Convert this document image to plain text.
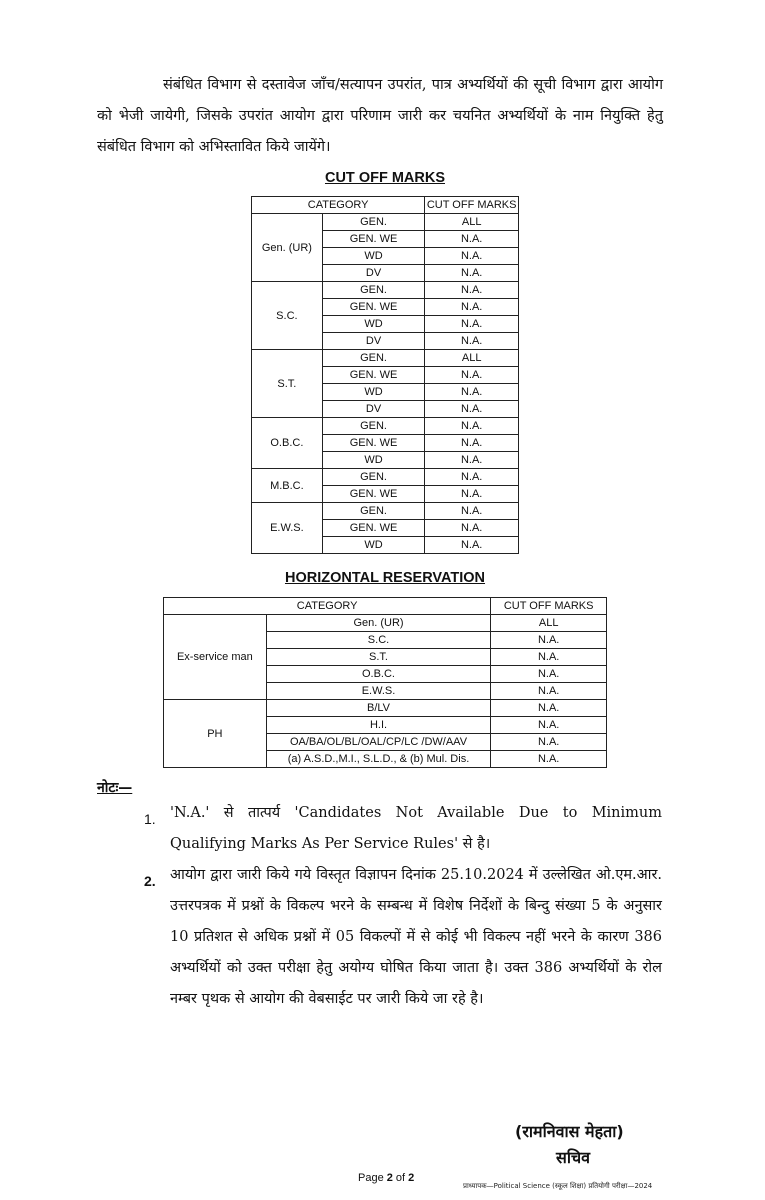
संबंधित विभाग से दस्तावेज जाँच/सत्यापन उपरांत, पात्र अभ्यर्थियों की सूची विभाग द्वारा आयोग को भेजी जायेगी, जिसके उपरांत आयोग द्वारा परिणाम जारी कर चयनित अभ्यर्थियों के नाम नियुक्ति हेतु संबंधित विभाग को अभिस्तावित किये जायेंगे।

CUT OFF MARKS
CATEGORY		CUT OFF MARKS
Gen. (UR)	GEN.	ALL
	GEN. WE	N.A.
	WD	N.A.
	DV	N.A.
S.C.	GEN.	N.A.
	GEN. WE	N.A.
	WD	N.A.
	DV	N.A.
S.T.	GEN.	ALL
	GEN. WE	N.A.
	WD	N.A.
	DV	N.A.
O.B.C.	GEN.	N.A.
	GEN. WE	N.A.
	WD	N.A.
M.B.C.	GEN.	N.A.
	GEN. WE	N.A.
E.W.S.	GEN.	N.A.
	GEN. WE	N.A.
	WD	N.A.
HORIZONTAL RESERVATION
CATEGORY		CUT OFF MARKS
Ex-service man	Gen. (UR)	ALL
	S.C.	N.A.
	S.T.	N.A.
	O.B.C.	N.A.
	E.W.S.	N.A.
PH	B/LV	N.A.
	H.I.	N.A.
	OA/BA/OL/BL/OAL/CP/LC /DW/AAV	N.A.
	(a) A.S.D.,M.I., S.L.D., & (b) Mul. Dis.	N.A.
नोटः—
1. 'N.A.' से तात्पर्य 'Candidates Not Available Due to Minimum Qualifying Marks As Per Service Rules' से है।
2. आयोग द्वारा जारी किये गये विस्तृत विज्ञापन दिनांक 25.10.2024 में उल्लेखित ओ.एम.आर. उत्तरपत्रक में प्रश्नों के विकल्प भरने के सम्बन्ध में विशेष निर्देशों के बिन्दु संख्या 5 के अनुसार 10 प्रतिशत से अधिक प्रश्नों में 05 विकल्पों में से कोई भी विकल्प नहीं भरने के कारण 386 अभ्यर्थियों को उक्त परीक्षा हेतु अयोग्य घोषित किया जाता है। उक्त 386 अभ्यर्थियों के रोल नम्बर पृथक से आयोग की वेबसाईट पर जारी किये जा रहे है।
(रामनिवास मेहता)
सचिव
Page 2 of 2
प्राध्यापक—Political Science (स्कूल शिक्षा) प्रतियोगी परीक्षा—2024
